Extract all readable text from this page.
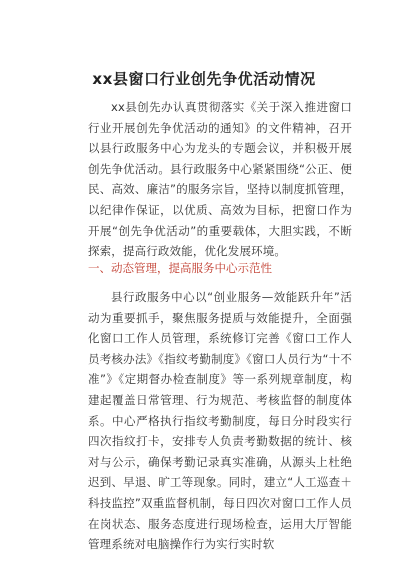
xx县窗口行业创先争优活动情况

xx县创先办认真贯彻落实《关于深入推进窗口行业开展创先争优活动的通知》的文件精神，召开以县行政服务中心为龙头的专题会议，并积极开展创先争优活动。县行政服务中心紧紧围绕“公正、便民、高效、廉洁”的服务宗旨，坚持以制度抓管理，以纪律作保证，以优质、高效为目标，把窗口作为开展“创先争优活动”的重要载体，大胆实践，不断探索，提高行政效能，优化发展环境。

一、动态管理，提高服务中心示范性

县行政服务中心以“创业服务—效能跃升年”活动为重要抓手，聚焦服务提质与效能提升，全面强化窗口工作人员管理，系统修订完善《窗口工作人员考核办法》《指纹考勤制度》《窗口人员行为“十不准”》《定期督办检查制度》等一系列规章制度，构建起覆盖日常管理、行为规范、考核监督的制度体系。中心严格执行指纹考勤制度，每日分时段实行四次指纹打卡，安排专人负责考勤数据的统计、核对与公示，确保考勤记录真实准确，从源头上杜绝迟到、早退、旷工等现象。同时，建立“人工巡查＋科技监控”双重监督机制，每日四次对窗口工作人员在岗状态、服务态度进行现场检查，运用大厅智能管理系统对电脑操作行为实行实时软
